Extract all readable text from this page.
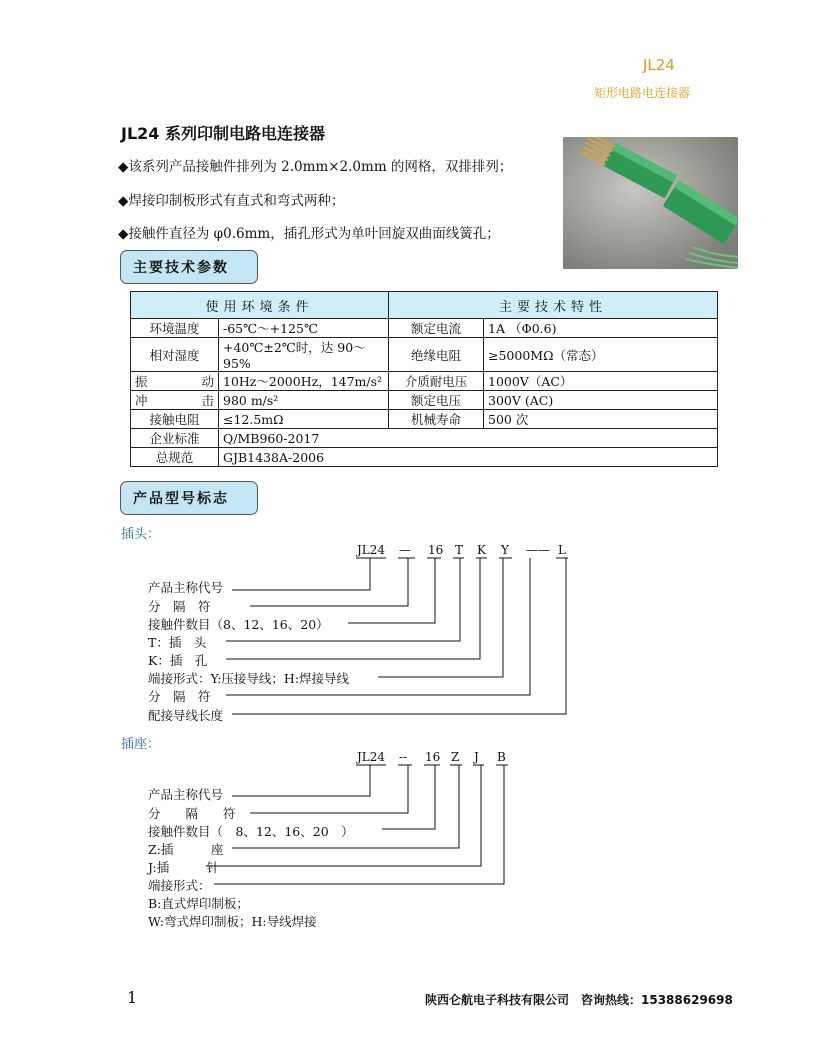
JL24
矩形电路电连接器
JL24 系列印制电路电连接器
◆该系列产品接触件排列为 2.0mm×2.0mm 的网格，双排排列；
◆焊接印制板形式有直式和弯式两种；
◆接触件直径为 φ0.6mm，插孔形式为单叶回旋双曲面线簧孔；
主要技术参数
使用环境条件		主要技术特性	
环境温度	-65℃～+125℃	额定电流	1A （Φ0.6)
相对湿度	+40℃±2℃时，达 90～95%	绝缘电阻	≥5000MΩ（常态）
振动	10Hz～2000Hz，147m/s²	介质耐电压	1000V（AC）
冲击	980 m/s²	额定电压	300V (AC)
接触电阻	≤12.5mΩ	机械寿命	500 次
企业标准	Q/MB960-2017		
总规范	GJB1438A-2006		
产品型号标志
插头：
JL24 — 16 T K Y —— L
产品主称代号
分　隔　符
接触件数目（8、12、16、20）
T：插　头
K：插　孔
端接形式：Y:压接导线；H:焊接导线
分　隔　符
配接导线长度
插座：
JL24 -- 16 Z J B
产品主称代号
分　　隔　　符
接触件数目（　8、12、16、20　）
Z:插　　　座
J:插　　　针
端接形式：
B:直式焊印制板；
W:弯式焊印制板；H:导线焊接
1	陕西仑航电子科技有限公司　咨询热线：15388629698
